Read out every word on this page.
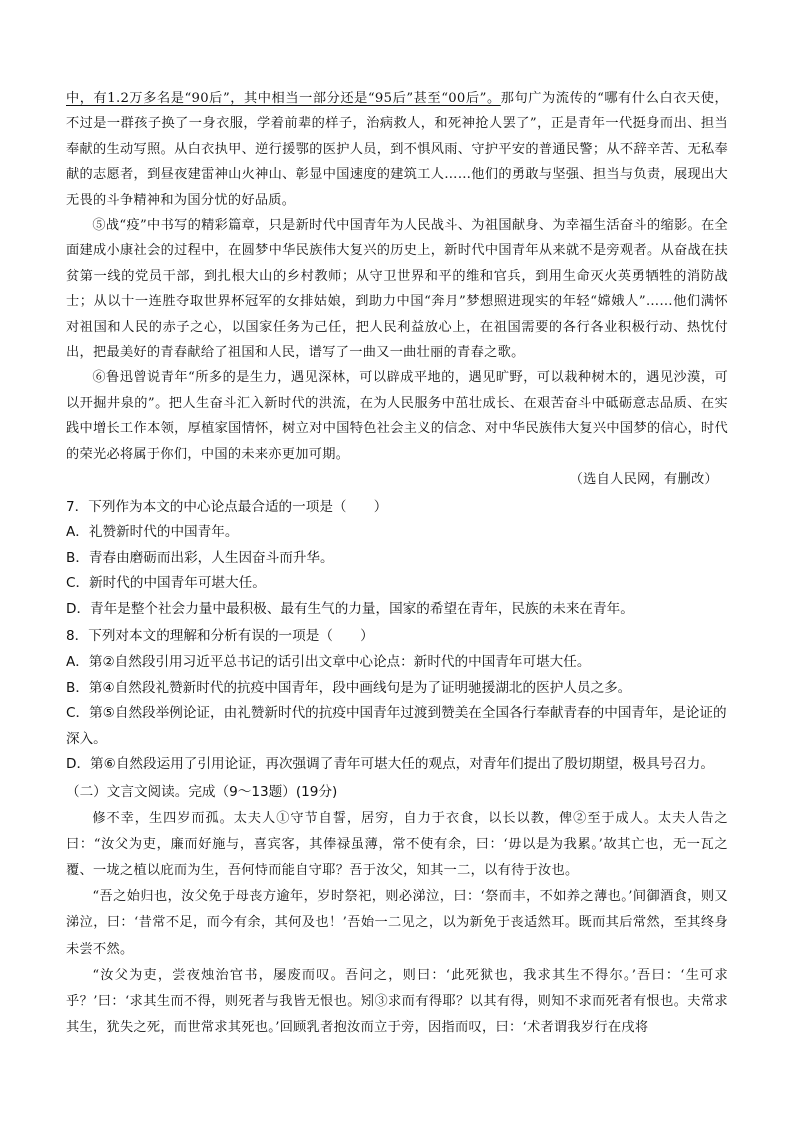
中，有1.2万多名是“90后”，其中相当一部分还是“95后”甚至“00后”。那句广为流传的“哪有什么白衣天使，不过是一群孩子换了一身衣服，学着前辈的样子，治病救人，和死神抢人罢了”，正是青年一代挺身而出、担当奉献的生动写照。从白衣执甲、逆行援鄂的医护人员，到不惧风雨、守护平安的普通民警；从不辞辛苦、无私奉献的志愿者，到昼夜建雷神山火神山、彰显中国速度的建筑工人……他们的勇敢与坚强、担当与负责，展现出大无畏的斗争精神和为国分忧的好品质。

⑤战“疫”中书写的精彩篇章，只是新时代中国青年为人民战斗、为祖国献身、为幸福生活奋斗的缩影。在全面建成小康社会的过程中，在圆梦中华民族伟大复兴的历史上，新时代中国青年从来就不是旁观者。从奋战在扶贫第一线的党员干部，到扎根大山的乡村教师；从守卫世界和平的维和官兵，到用生命灭火英勇牺牲的消防战士；从以十一连胜夺取世界杯冠军的女排姑娘，到助力中国“奔月”梦想照进现实的年轻“嫦娥人”……他们满怀对祖国和人民的赤子之心，以国家任务为己任，把人民利益放心上，在祖国需要的各行各业积极行动、热忱付出，把最美好的青春献给了祖国和人民，谱写了一曲又一曲壮丽的青春之歌。

⑥鲁迅曾说青年“所多的是生力，遇见深林，可以辟成平地的，遇见旷野，可以栽种树木的，遇见沙漠，可以开掘井泉的”。把人生奋斗汇入新时代的洪流，在为人民服务中茁壮成长、在艰苦奋斗中砥砺意志品质、在实践中增长工作本领，厚植家国情怀，树立对中国特色社会主义的信念、对中华民族伟大复兴中国梦的信心，时代的荣光必将属于你们，中国的未来亦更加可期。

（选自人民网，有删改）

7．下列作为本文的中心论点最合适的一项是（　　）

A．礼赞新时代的中国青年。

B．青春由磨砺而出彩，人生因奋斗而升华。

C．新时代的中国青年可堪大任。

D．青年是整个社会力量中最积极、最有生气的力量，国家的希望在青年，民族的未来在青年。

8．下列对本文的理解和分析有误的一项是（　　）

A．第②自然段引用习近平总书记的话引出文章中心论点：新时代的中国青年可堪大任。

B．第④自然段礼赞新时代的抗疫中国青年，段中画线句是为了证明驰援湖北的医护人员之多。

C．第⑤自然段举例论证，由礼赞新时代的抗疫中国青年过渡到赞美在全国各行奉献青春的中国青年，是论证的深入。

D．第⑥自然段运用了引用论证，再次强调了青年可堪大任的观点，对青年们提出了殷切期望，极具号召力。

（二）文言文阅读。完成（9～13题）(19分)

修不幸，生四岁而孤。太夫人①守节自誓，居穷，自力于衣食，以长以教，俾②至于成人。太夫人告之曰：“汝父为吏，廉而好施与，喜宾客，其俸禄虽薄，常不使有余，曰：‘毋以是为我累。’故其亡也，无一瓦之覆、一垅之植以庇而为生，吾何恃而能自守耶？吾于汝父，知其一二，以有待于汝也。

“吾之始归也，汝父免于母丧方逾年，岁时祭祀，则必涕泣，曰：‘祭而丰，不如养之薄也。’间御酒食，则又涕泣，曰：‘昔常不足，而今有余，其何及也！’吾始一二见之，以为新免于丧适然耳。既而其后常然，至其终身未尝不然。

“汝父为吏，尝夜烛治官书，屡废而叹。吾问之，则曰：‘此死狱也，我求其生不得尔。’吾曰：‘生可求乎？’曰：‘求其生而不得，则死者与我皆无恨也。矧③求而有得耶？以其有得，则知不求而死者有恨也。夫常求其生，犹失之死，而世常求其死也。’回顾乳者抱汝而立于旁，因指而叹，曰：‘术者谓我岁行在戌将
